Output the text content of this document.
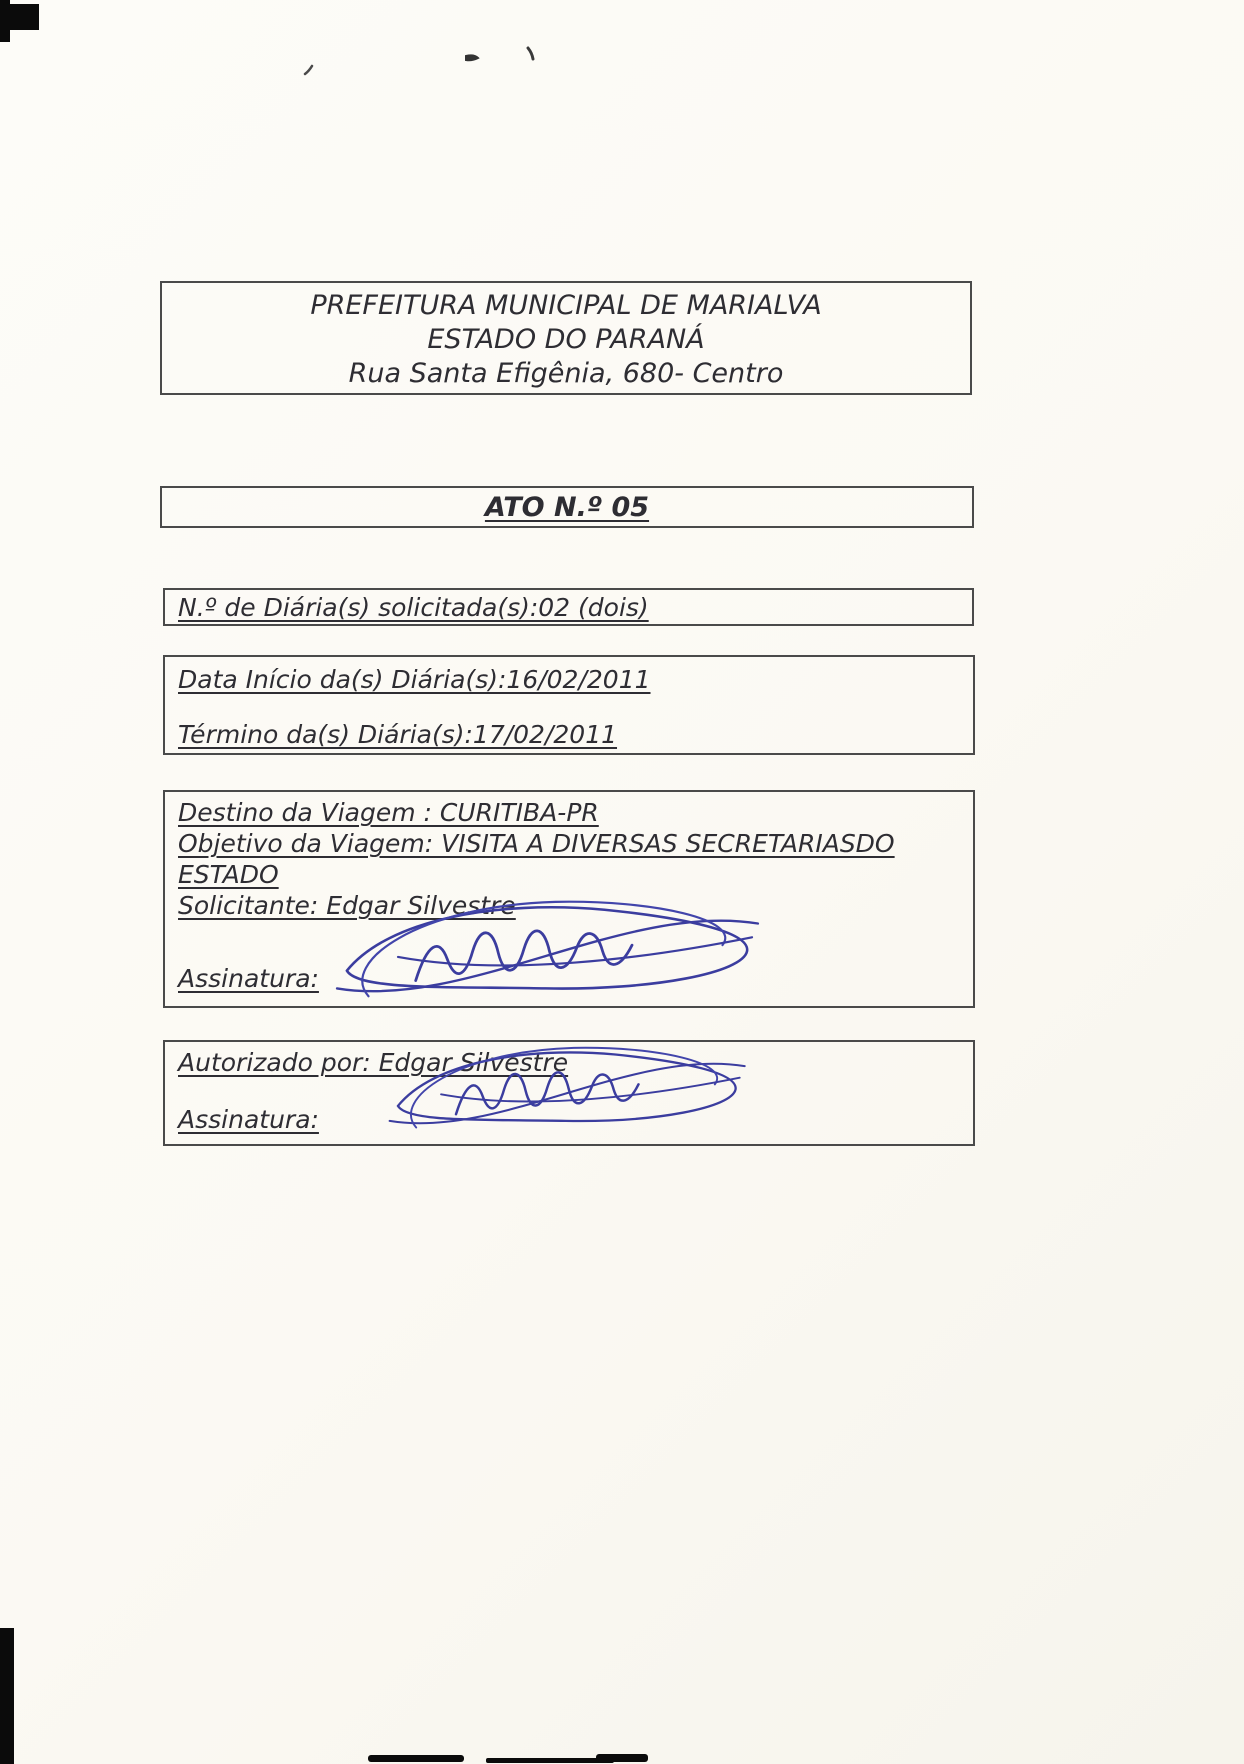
PREFEITURA MUNICIPAL DE MARIALVA
ESTADO DO PARANÁ
Rua Santa Efigênia, 680- Centro
ATO N.º 05
N.º de Diária(s) solicitada(s):02 (dois)
Data Início da(s) Diária(s):16/02/2011
Término da(s) Diária(s):17/02/2011
Destino da Viagem : CURITIBA-PR
Objetivo da Viagem: VISITA A DIVERSAS SECRETARIASDO
ESTADO
Solicitante: Edgar Silvestre
Assinatura:
Autorizado por: Edgar Silvestre
Assinatura:
